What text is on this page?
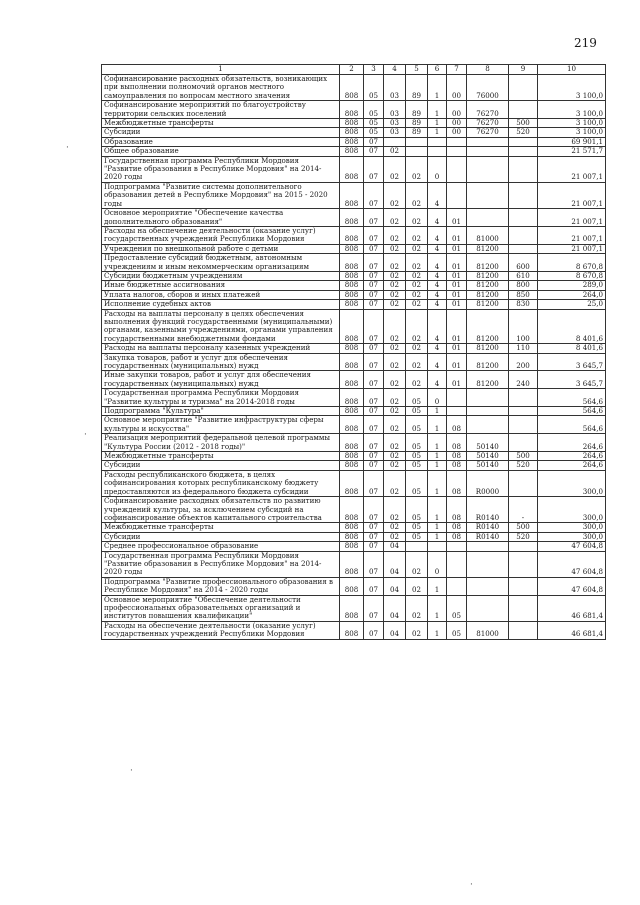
219
1	2	3	4	5	6	7	8	9	10
Софинансирование расходных обязательств, возникающих при выполнении полномочий органов местного самоуправления по вопросам местного значения	808	05	03	89	1	00	76000		3 100,0
Софинансирование мероприятий по благоустройству территории сельских поселений	808	05	03	89	1	00	76270		3 100,0
Межбюджетные трансферты	808	05	03	89	1	00	76270	500	3 100,0
Субсидии	808	05	03	89	1	00	76270	520	3 100,0
Образование	808	07							69 901,1
Общее образование	808	07	02						21 571,7
Государственная программа Республики Мордовия "Развитие образования в Республике Мордовия" на 2014-2020 годы	808	07	02	02	0				21 007,1
Подпрограмма "Развитие системы дополнительного образования детей в Республике Мордовия" на 2015 - 2020 годы	808	07	02	02	4				21 007,1
Основное мероприятие "Обеспечение качества дополнительного образования"	808	07	02	02	4	01			21 007,1
Расходы на обеспечение деятельности (оказание услуг) государственных учреждений Республики Мордовия	808	07	02	02	4	01	81000		21 007,1
Учреждения по внешкольной работе с детьми	808	07	02	02	4	01	81200		21 007,1
Предоставление субсидий бюджетным, автономным учреждениям и иным некоммерческим организациям	808	07	02	02	4	01	81200	600	8 670,8
Субсидии бюджетным учреждениям	808	07	02	02	4	01	81200	610	8 670,8
Иные бюджетные ассигнования	808	07	02	02	4	01	81200	800	289,0
Уплата налогов, сборов и иных платежей	808	07	02	02	4	01	81200	850	264,0
Исполнение судебных актов	808	07	02	02	4	01	81200	830	25,0
Расходы на выплаты персоналу в целях обеспечения выполнения функций государственными (муниципальными) органами, казенными учреждениями, органами управления государственными внебюджетными фондами	808	07	02	02	4	01	81200	100	8 401,6
Расходы на выплаты персоналу казенных учреждений	808	07	02	02	4	01	81200	110	8 401,6
Закупка товаров, работ и услуг для обеспечения государственных (муниципальных) нужд	808	07	02	02	4	01	81200	200	3 645,7
Иные закупки товаров, работ и услуг для обеспечения государственных (муниципальных) нужд	808	07	02	02	4	01	81200	240	3 645,7
Государственная программа Республики Мордовия "Развитие культуры и туризма" на 2014-2018 годы	808	07	02	05	0				564,6
Подпрограмма "Культура"	808	07	02	05	1				564,6
Основное мероприятие "Развитие инфраструктуры сферы культуры и искусства"	808	07	02	05	1	08			564,6
Реализация мероприятий федеральной целевой программы "Культура России (2012 - 2018 годы)"	808	07	02	05	1	08	50140		264,6
Межбюджетные трансферты	808	07	02	05	1	08	50140	500	264,6
Субсидии	808	07	02	05	1	08	50140	520	264,6
Расходы республиканского бюджета, в целях софинансирования которых республиканскому бюджету предоставляются из федерального бюджета субсидии	808	07	02	05	1	08	R0000		300,0
Софинансирование расходных обязательств по развитию учреждений культуры, за исключением субсидий на софинансирование объектов капитального строительства	808	07	02	05	1	08	R0140	-	300,0
Межбюджетные трансферты	808	07	02	05	1	08	R0140	500	300,0
Субсидии	808	07	02	05	1	08	R0140	520	300,0
Среднее профессиональное образование	808	07	04						47 604,8
Государственная программа Республики Мордовия "Развитие образования в Республике Мордовия" на 2014-2020 годы	808	07	04	02	0				47 604,8
Подпрограмма "Развитие профессионального образования в Республике Мордовия" на 2014 - 2020 годы	808	07	04	02	1				47 604,8
Основное мероприятие "Обеспечение деятельности профессиональных образовательных организаций и институтов повышения квалификации"	808	07	04	02	1	05			46 681,4
Расходы на обеспечение деятельности (оказание услуг) государственных учреждений Республики Мордовия	808	07	04	02	1	05	81000		46 681,4
·
·
·
·
